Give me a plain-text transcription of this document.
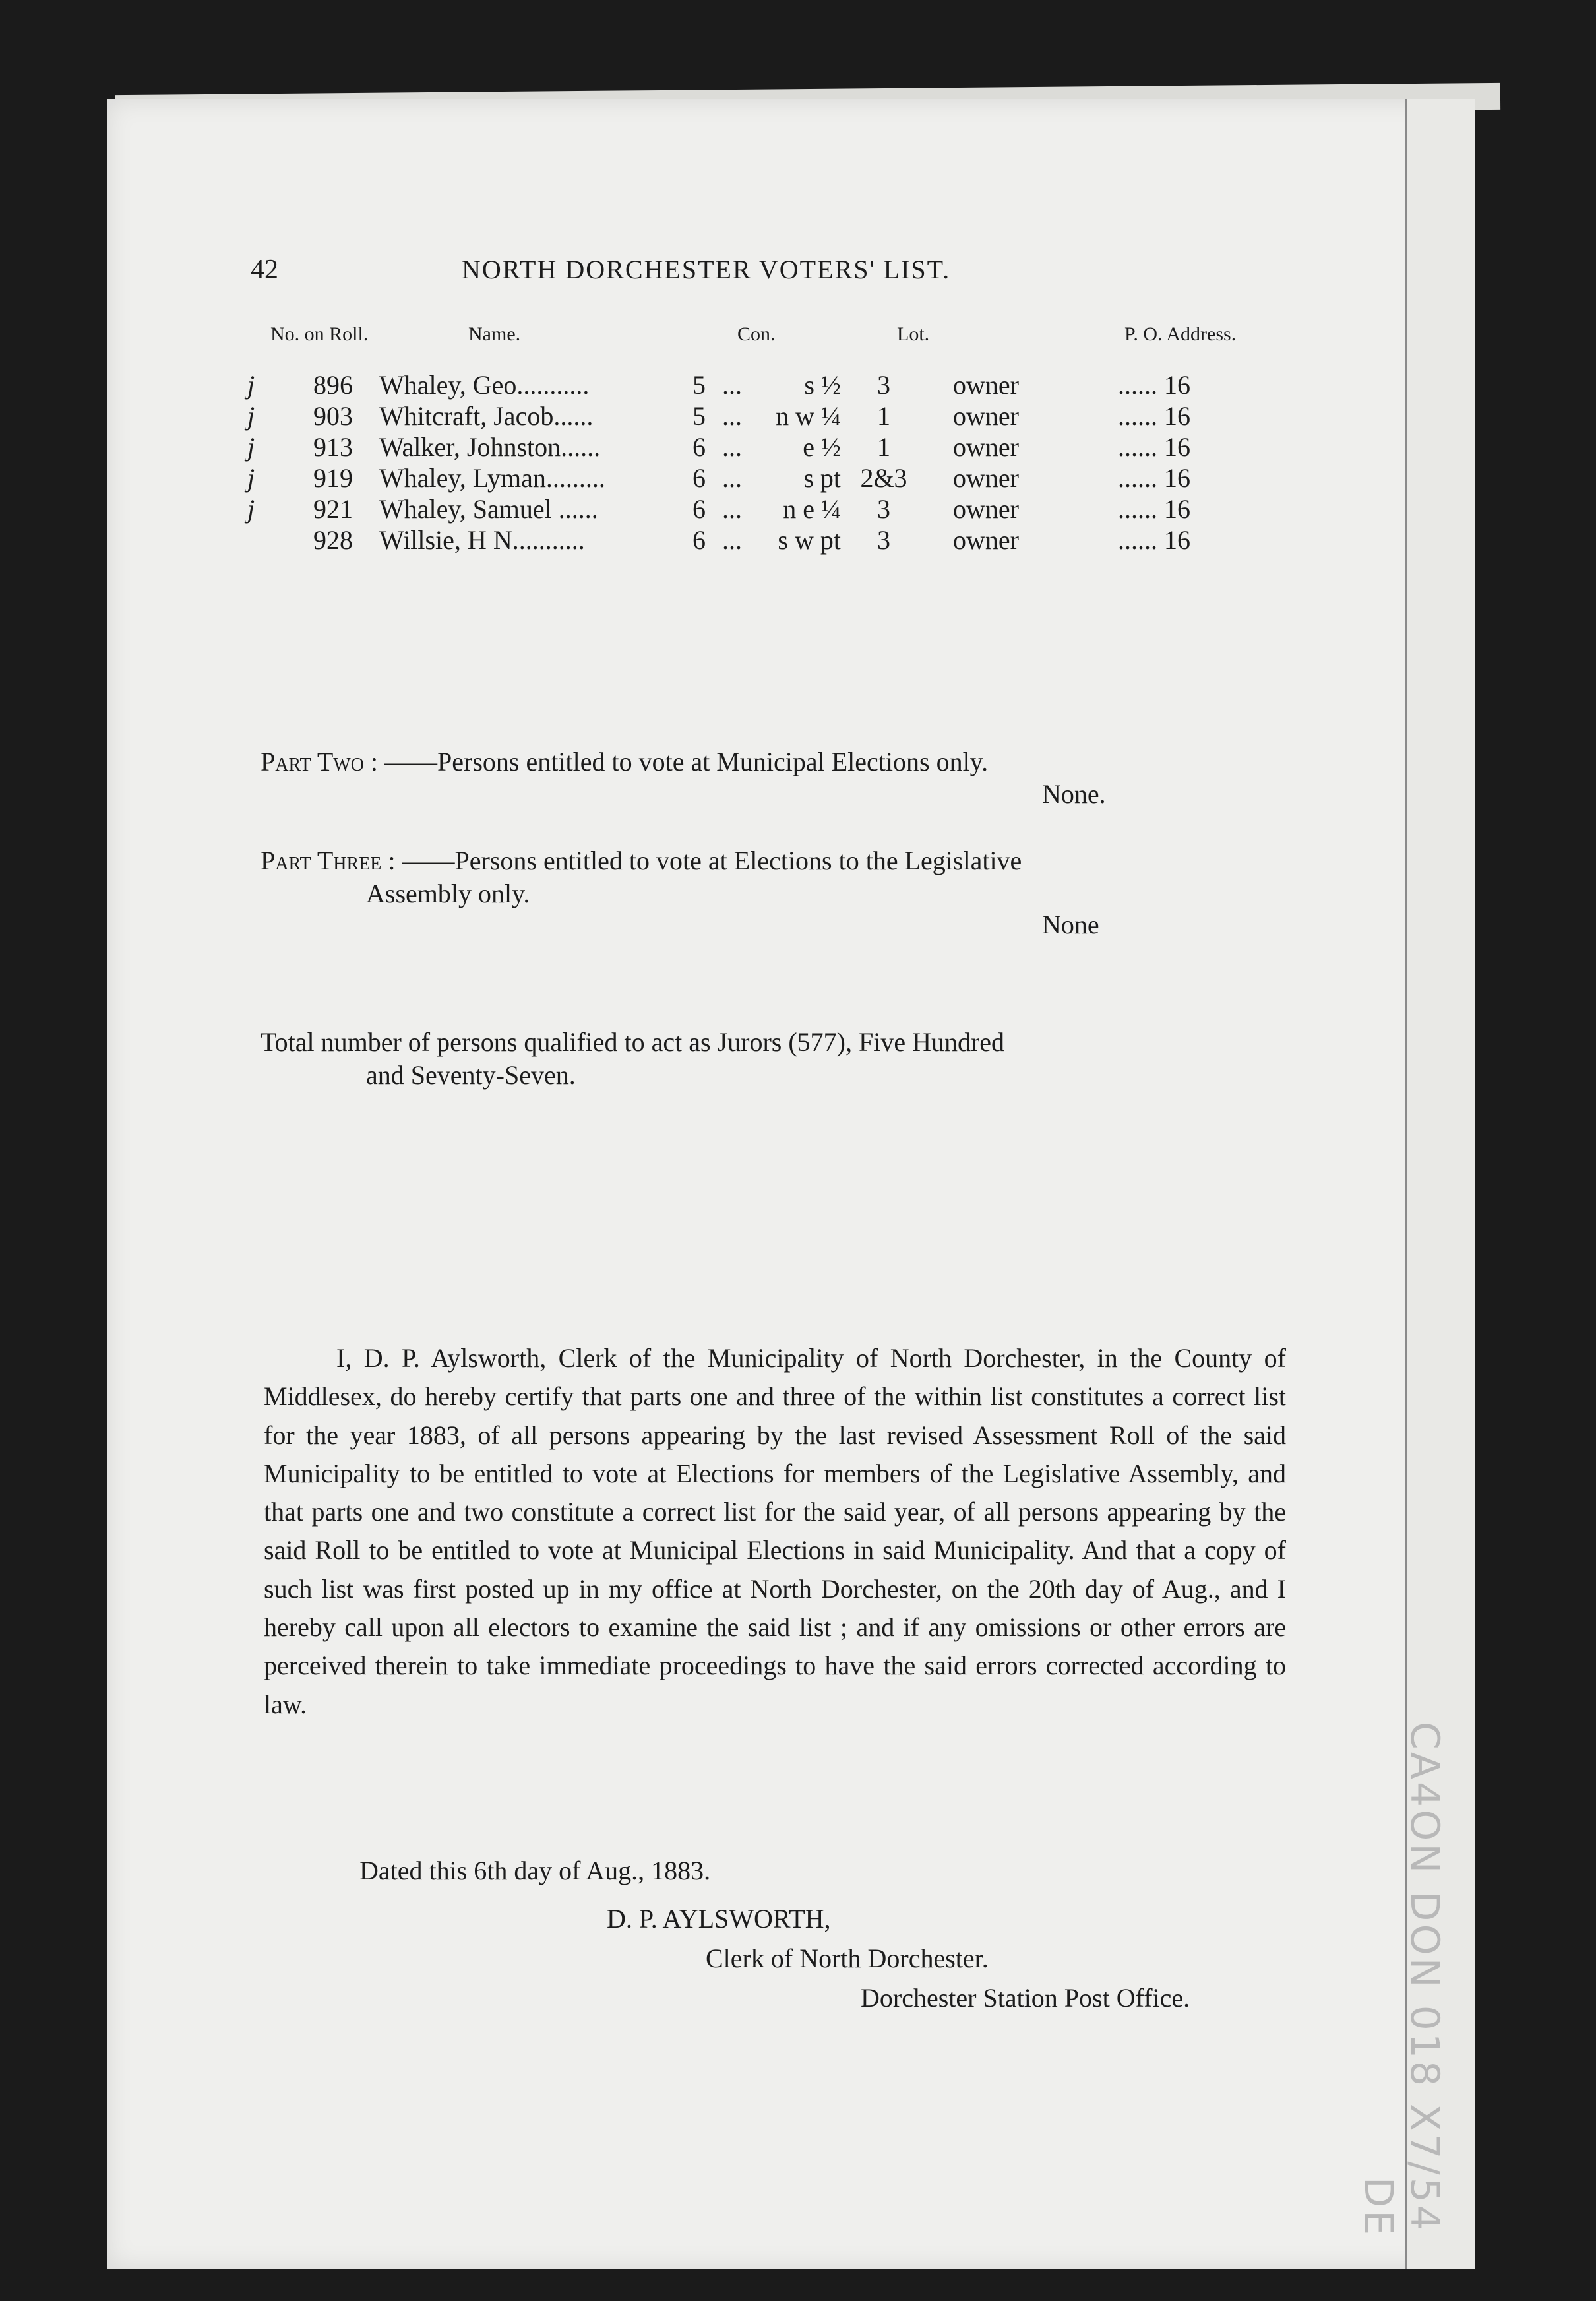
42	NORTH DORCHESTER VOTERS' LIST.
No. on Roll.	Name.	Con.	Lot.	P. O. Address.
j	896	Whaley, Geo...........	5	...	s ½	3	owner	...... 16
j	903	Whitcraft, Jacob......	5	...	n w ¼	1	owner	...... 16
j	913	Walker, Johnston......	6	...	e ½	1	owner	...... 16
j	919	Whaley, Lyman.........	6	...	s pt	2&3	owner	...... 16
j	921	Whaley, Samuel ......	6	...	n e ¼	3	owner	...... 16
	928	Willsie, H N...........	6	...	s w pt	3	owner	...... 16
Part Two : ——Persons entitled to vote at Municipal Elections only.
None.
Part Three : ——Persons entitled to vote at Elections to the Legislative
Assembly only.
None
Total number of persons qualified to act as Jurors (577), Five Hundred
and Seventy-Seven.
I, D. P. Aylsworth, Clerk of the Municipality of North Dorchester, in the County of Middlesex, do hereby certify that parts one and three of the within list constitutes a correct list for the year 1883, of all persons appearing by the last revised Assessment Roll of the said Municipality to be entitled to vote at Elections for members of the Legislative Assembly, and that parts one and two constitute a correct list for the said year, of all persons appearing by the said Roll to be entitled to vote at Municipal Elections in said Municipality. And that a copy of such list was first posted up in my office at North Dorchester, on the 20th day of Aug., and I hereby call upon all electors to examine the said list ; and if any omissions or other errors are perceived therein to take immediate proceedings to have the said errors corrected according to law.
Dated this 6th day of Aug., 1883.
D. P. AYLSWORTH,
Clerk of North Dorchester.
Dorchester Station Post Office.	CA4ON DON 018 X7/54
DE
